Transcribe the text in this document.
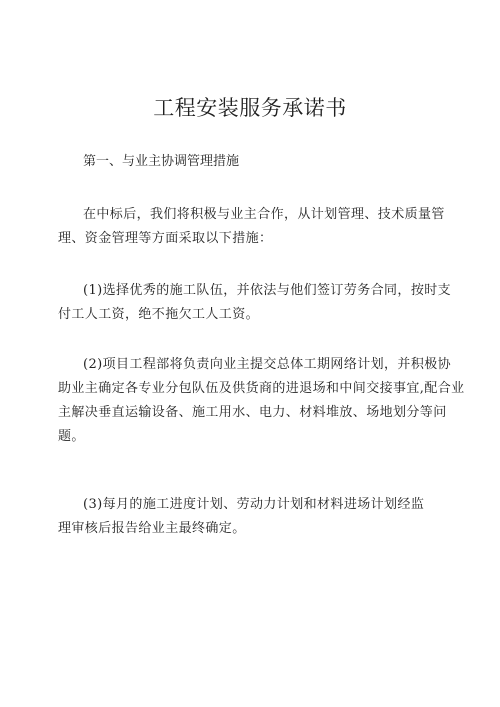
工程安装服务承诺书
第一、与业主协调管理措施

在中标后，我们将积极与业主合作，从计划管理、技术质量管
理、资金管理等方面采取以下措施：

(1)选择优秀的施工队伍，并依法与他们签订劳务合同，按时支
付工人工资，绝不拖欠工人工资。

(2)项目工程部将负责向业主提交总体工期网络计划，并积极协
助业主确定各专业分包队伍及供货商的进退场和中间交接事宜,配合业
主解决垂直运输设备、施工用水、电力、材料堆放、场地划分等问
题。

(3)每月的施工进度计划、劳动力计划和材料进场计划经监
理审核后报告给业主最终确定。
